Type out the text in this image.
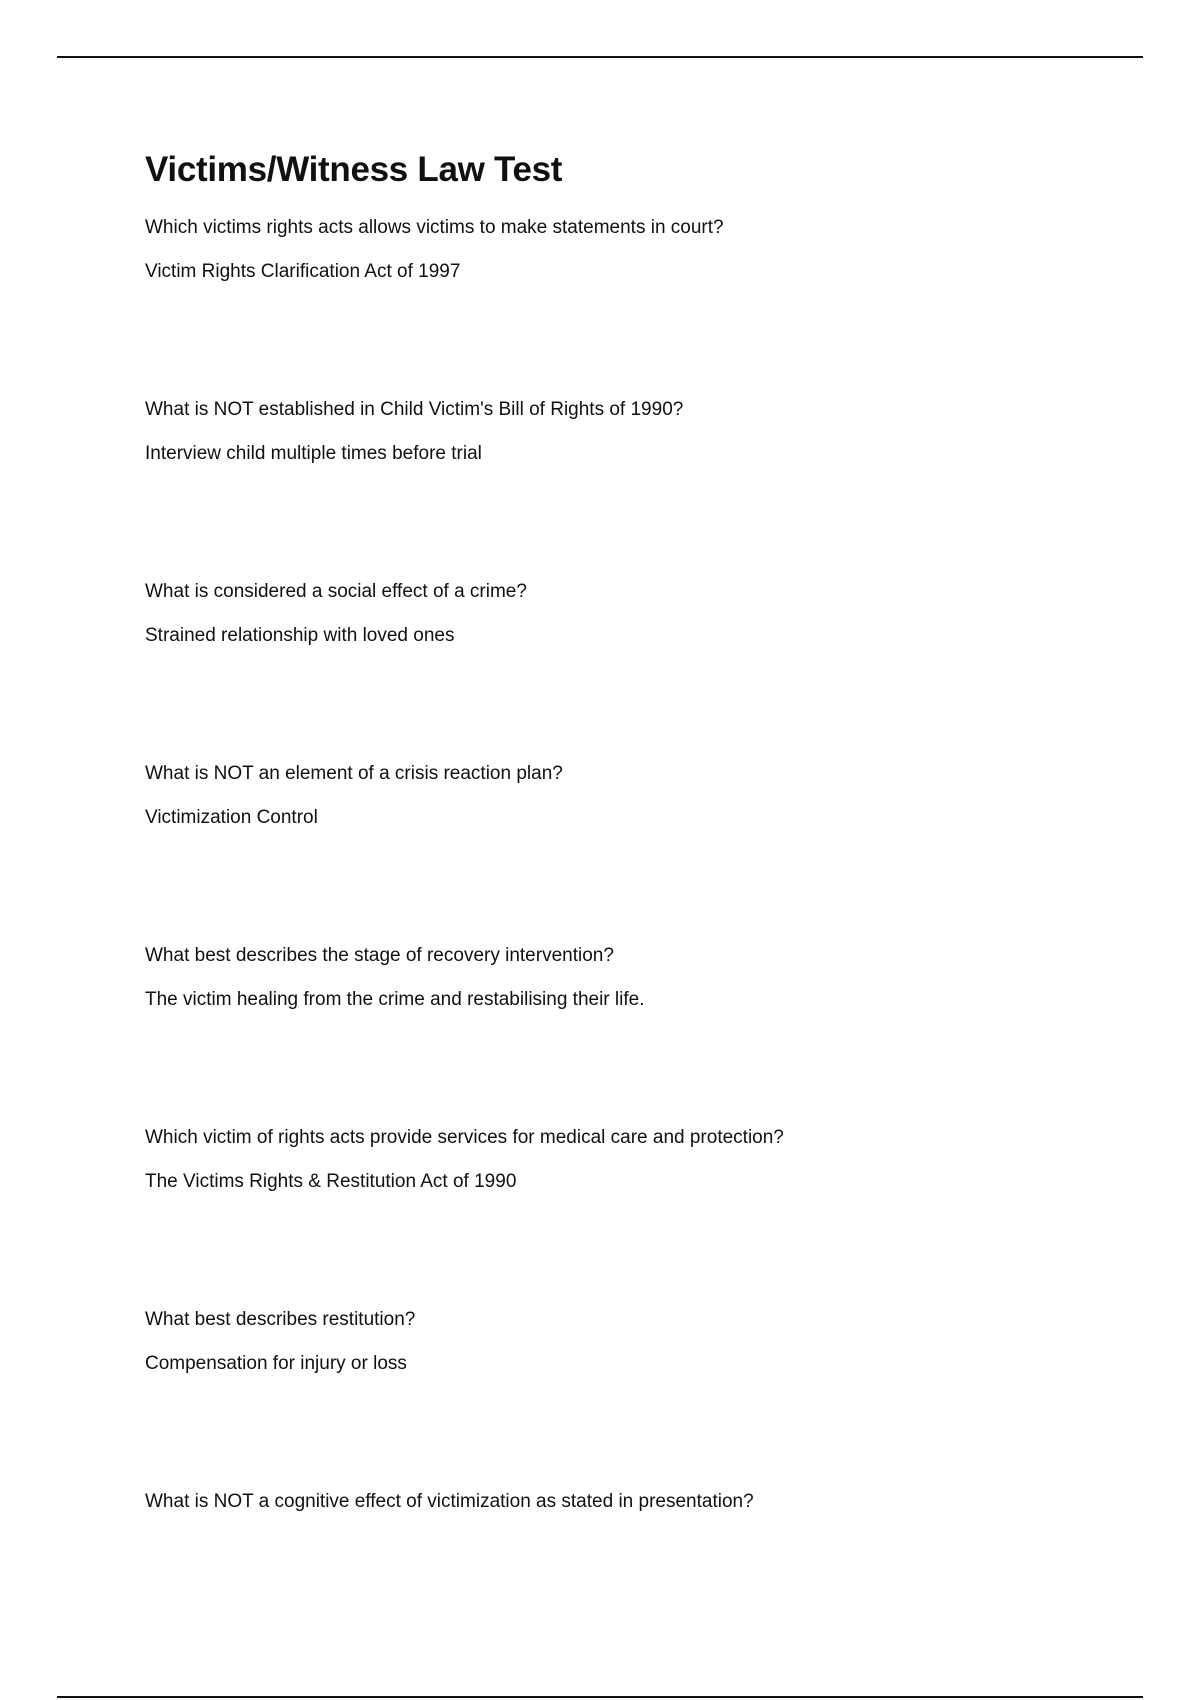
Victims/Witness Law Test

Which victims rights acts allows victims to make statements in court?

Victim Rights Clarification Act of 1997

What is NOT established in Child Victim's Bill of Rights of 1990?

Interview child multiple times before trial

What is considered a social effect of a crime?

Strained relationship with loved ones

What is NOT an element of a crisis reaction plan?

Victimization Control

What best describes the stage of recovery intervention?

The victim healing from the crime and restabilising their life.

Which victim of rights acts provide services for medical care and protection?

The Victims Rights & Restitution Act of 1990

What best describes restitution?

Compensation for injury or loss

What is NOT a cognitive effect of victimization as stated in presentation?
